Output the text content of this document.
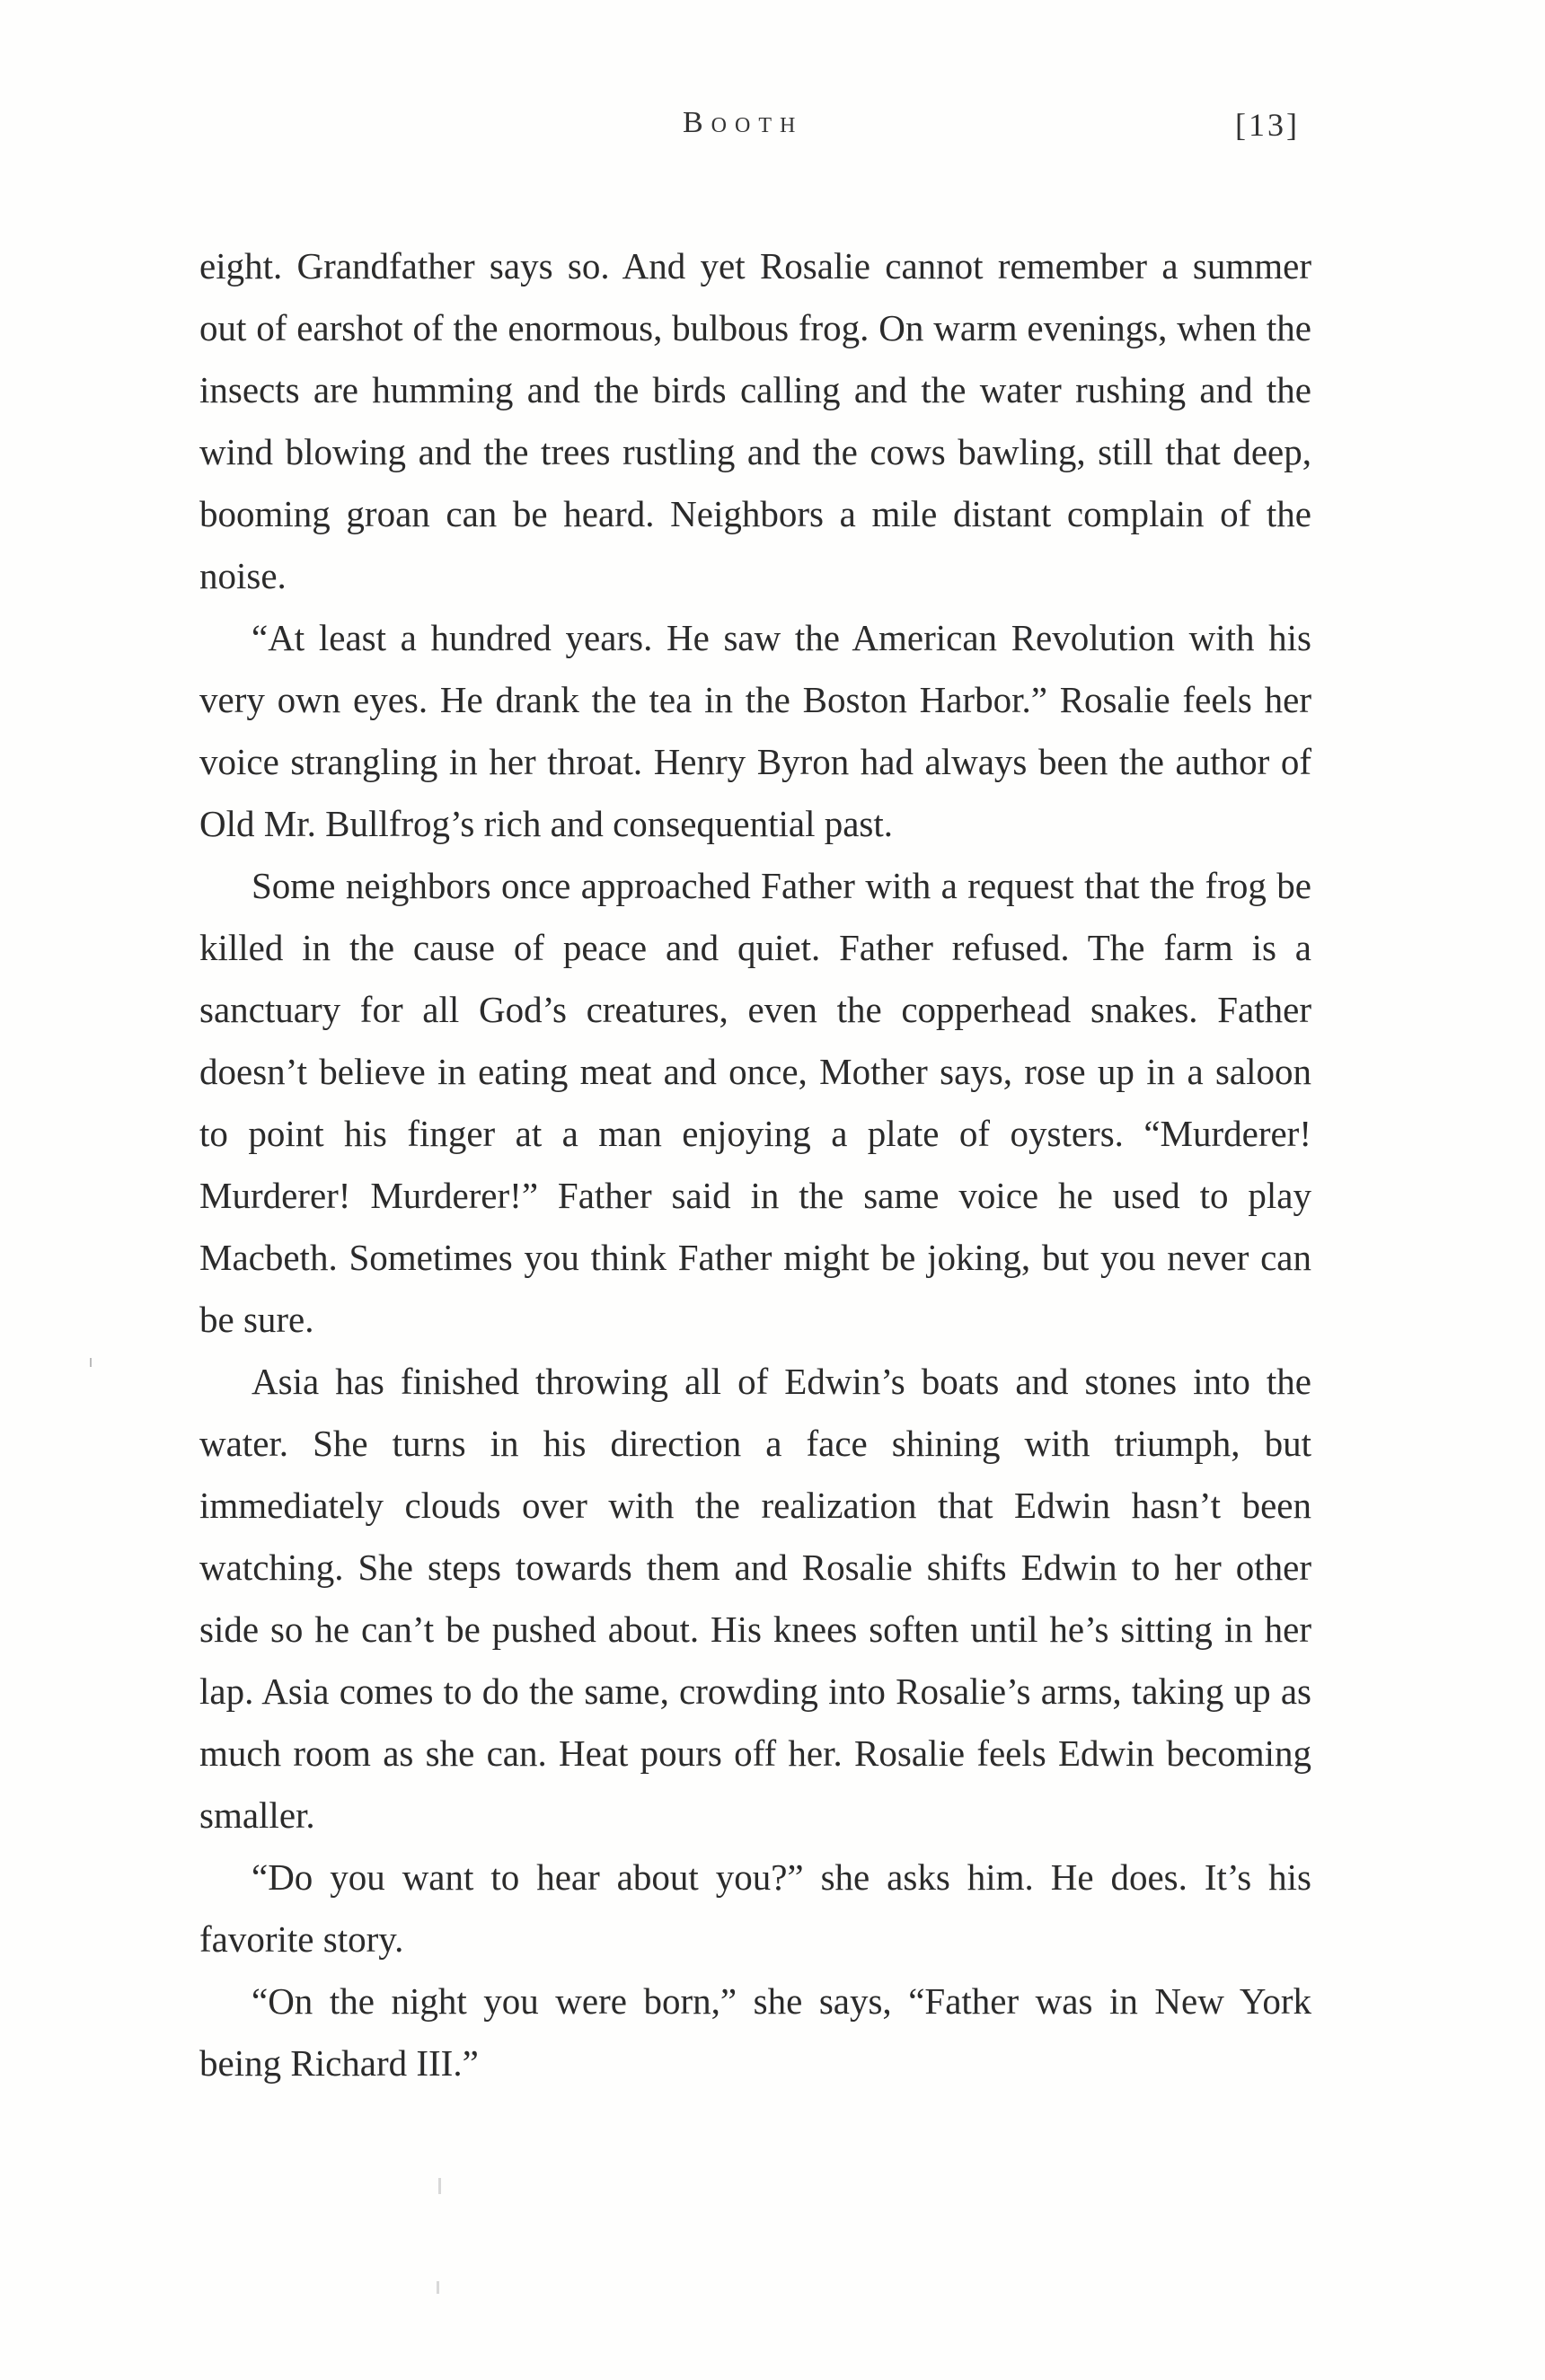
Booth	[13]

eight. Grandfather says so. And yet Rosalie cannot remember a summer out of earshot of the enormous, bulbous frog. On warm evenings, when the insects are humming and the birds calling and the water rushing and the wind blowing and the trees rustling and the cows bawling, still that deep, booming groan can be heard. Neighbors a mile distant complain of the noise.

“At least a hundred years. He saw the American Revolution with his very own eyes. He drank the tea in the Boston Harbor.” Rosalie feels her voice strangling in her throat. Henry Byron had always been the author of Old Mr. Bullfrog’s rich and consequential past.

Some neighbors once approached Father with a request that the frog be killed in the cause of peace and quiet. Father refused. The farm is a sanctuary for all God’s creatures, even the copperhead snakes. Father doesn’t believe in eating meat and once, Mother says, rose up in a saloon to point his finger at a man enjoying a plate of oysters. “Murderer! Murderer! Murderer!” Father said in the same voice he used to play Macbeth. Sometimes you think Father might be joking, but you never can be sure.

Asia has finished throwing all of Edwin’s boats and stones into the water. She turns in his direction a face shining with triumph, but immediately clouds over with the realization that Edwin hasn’t been watching. She steps towards them and Rosalie shifts Edwin to her other side so he can’t be pushed about. His knees soften until he’s sitting in her lap. Asia comes to do the same, crowding into Rosalie’s arms, taking up as much room as she can. Heat pours off her. Rosalie feels Edwin becoming smaller.

“Do you want to hear about you?” she asks him. He does. It’s his favorite story.

“On the night you were born,” she says, “Father was in New York being Richard III.”
